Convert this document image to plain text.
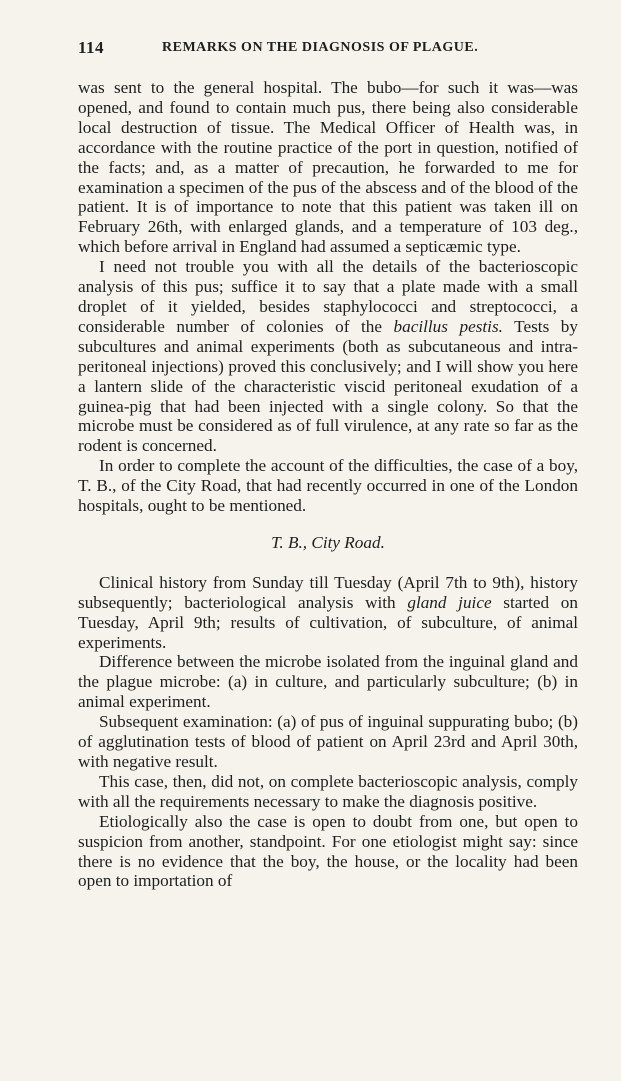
114	REMARKS ON THE DIAGNOSIS OF PLAGUE.

was sent to the general hospital. The bubo—for such it was—was opened, and found to contain much pus, there being also considerable local destruction of tissue. The Medical Officer of Health was, in accordance with the routine practice of the port in question, notified of the facts; and, as a matter of precaution, he forwarded to me for examination a specimen of the pus of the abscess and of the blood of the patient. It is of importance to note that this patient was taken ill on February 26th, with enlarged glands, and a temperature of 103 deg., which before arrival in England had assumed a septicæmic type.

I need not trouble you with all the details of the bacterioscopic analysis of this pus; suffice it to say that a plate made with a small droplet of it yielded, besides staphylococci and streptococci, a considerable number of colonies of the bacillus pestis. Tests by subcultures and animal experiments (both as subcutaneous and intra-peritoneal injections) proved this conclusively; and I will show you here a lantern slide of the characteristic viscid peritoneal exudation of a guinea-pig that had been injected with a single colony. So that the microbe must be considered as of full virulence, at any rate so far as the rodent is concerned.

In order to complete the account of the difficulties, the case of a boy, T. B., of the City Road, that had recently occurred in one of the London hospitals, ought to be mentioned.

T. B., City Road.

Clinical history from Sunday till Tuesday (April 7th to 9th), history subsequently; bacteriological analysis with gland juice started on Tuesday, April 9th; results of cultivation, of subculture, of animal experiments.

Difference between the microbe isolated from the inguinal gland and the plague microbe: (a) in culture, and particularly subculture; (b) in animal experiment.

Subsequent examination: (a) of pus of inguinal suppurating bubo; (b) of agglutination tests of blood of patient on April 23rd and April 30th, with negative result.

This case, then, did not, on complete bacterioscopic analysis, comply with all the requirements necessary to make the diagnosis positive.

Etiologically also the case is open to doubt from one, but open to suspicion from another, standpoint. For one etiologist might say: since there is no evidence that the boy, the house, or the locality had been open to importation of
